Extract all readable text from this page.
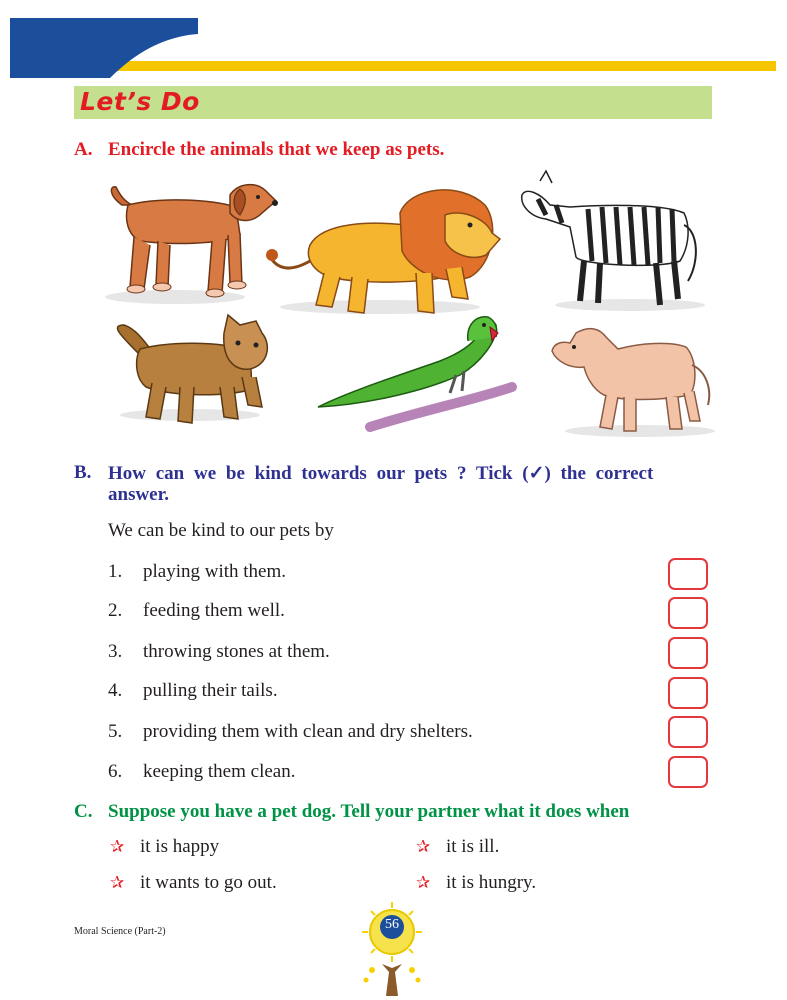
Let’s Do
A. Encircle the animals that we keep as pets.
B. How can we be kind towards our pets ? Tick (✓) the correct
answer.
We can be kind to our pets by
1. playing with them.
2. feeding them well.
3. throwing stones at them.
4. pulling their tails.
5. providing them with clean and dry shelters.
6. keeping them clean.
C. Suppose you have a pet dog. Tell your partner what it does when
✰ it is happy	✰ it is ill.
✰ it wants to go out.	✰ it is hungry.
Moral Science (Part-2)	56
